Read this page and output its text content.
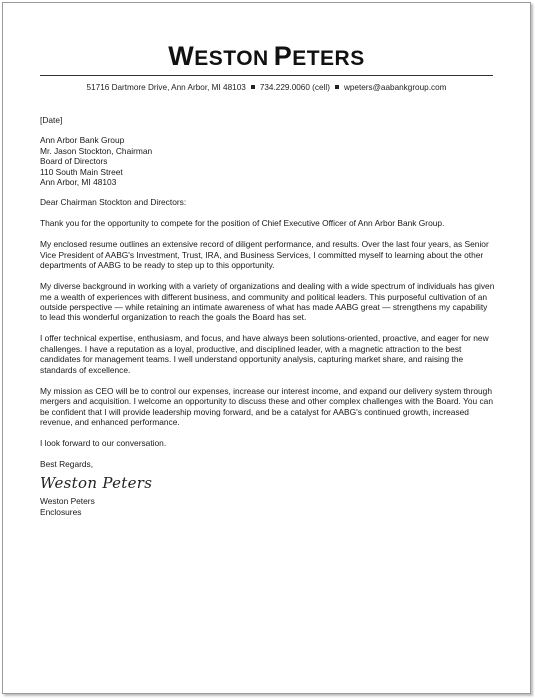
WESTON PETERS
51716 Dartmore Drive, Ann Arbor, MI 48103 734.229.0060 (cell) wpeters@aabankgroup.com

[Date]

Ann Arbor Bank Group

Mr. Jason Stockton, Chairman

Board of Directors

110 South Main Street

Ann Arbor, MI 48103

Dear Chairman Stockton and Directors:

Thank you for the opportunity to compete for the position of Chief Executive Officer of Ann Arbor Bank Group.

My enclosed resume outlines an extensive record of diligent performance, and results. Over the last four years, as Senior Vice President of AABG's Investment, Trust, IRA, and Business Services, I committed myself to learning about the other departments of AABG to be ready to step up to this opportunity.

My diverse background in working with a variety of organizations and dealing with a wide spectrum of individuals has given me a wealth of experiences with different business, and community and political leaders. This purposeful cultivation of an outside perspective — while retaining an intimate awareness of what has made AABG great — strengthens my capability to lead this wonderful organization to reach the goals the Board has set.

I offer technical expertise, enthusiasm, and focus, and have always been solutions-oriented, proactive, and eager for new challenges. I have a reputation as a loyal, productive, and disciplined leader, with a magnetic attraction to the best candidates for management teams. I well understand opportunity analysis, capturing market share, and raising the standards of excellence.

My mission as CEO will be to control our expenses, increase our interest income, and expand our delivery system through mergers and acquisition. I welcome an opportunity to discuss these and other complex challenges with the Board. You can be confident that I will provide leadership moving forward, and be a catalyst for AABG's continued growth, increased revenue, and enhanced performance.

I look forward to our conversation.

Best Regards,

Weston Peters

Weston Peters

Enclosures
